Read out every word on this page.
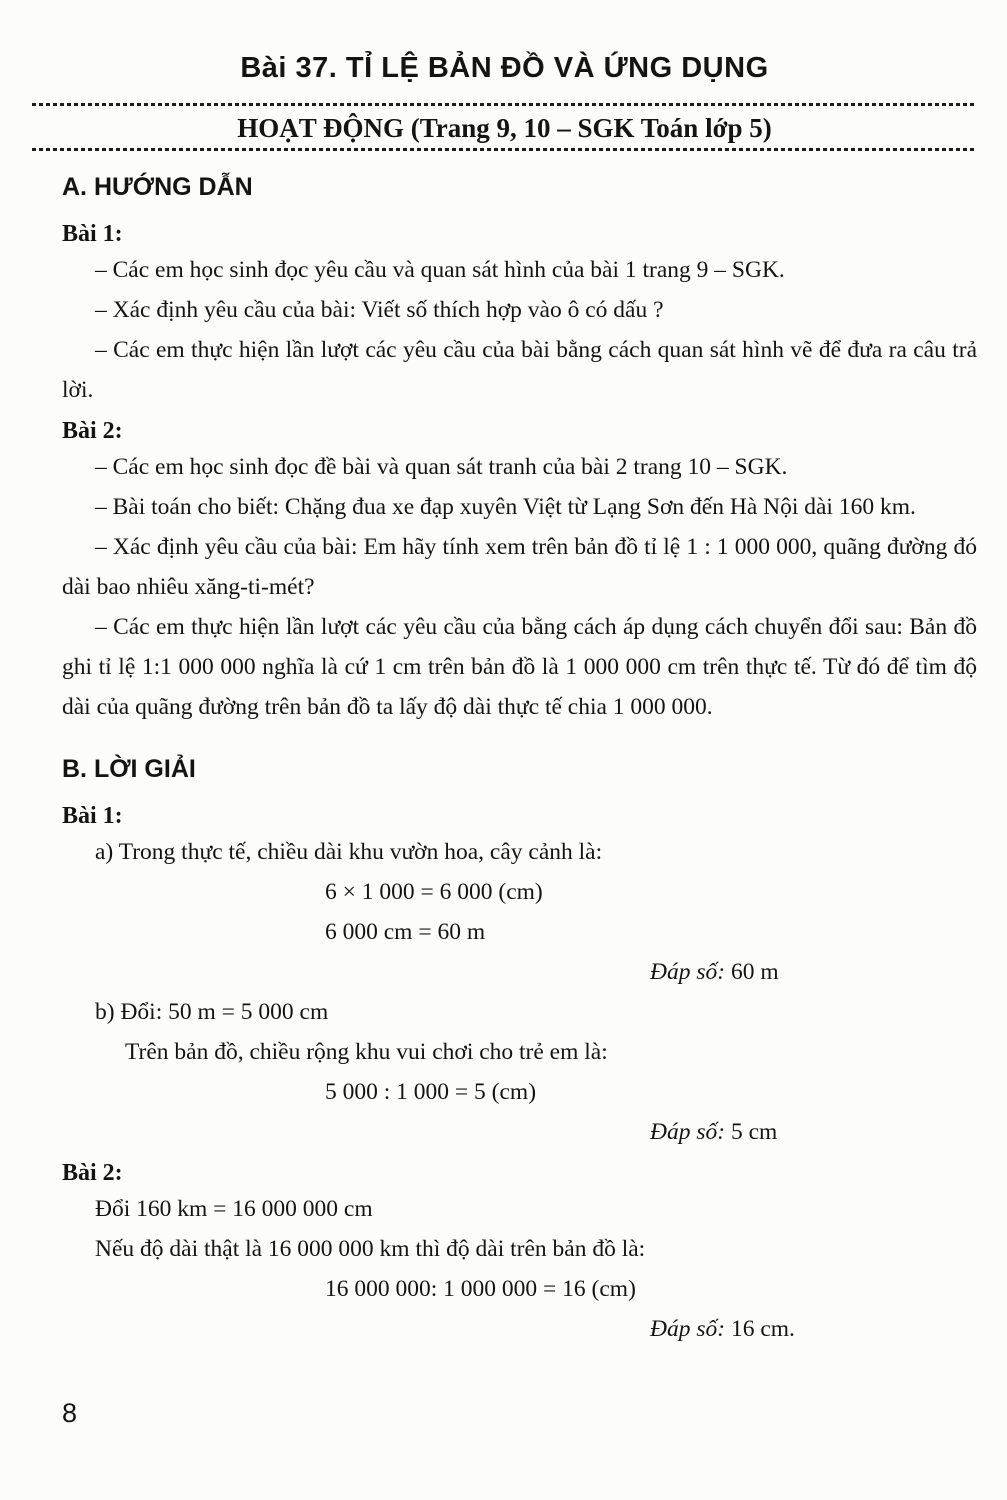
Bài 37. TỈ LỆ BẢN ĐỒ VÀ ỨNG DỤNG
HOẠT ĐỘNG (Trang 9, 10 – SGK Toán lớp 5)
A. HƯỚNG DẪN
Bài 1:

– Các em học sinh đọc yêu cầu và quan sát hình của bài 1 trang 9 – SGK.

– Xác định yêu cầu của bài: Viết số thích hợp vào ô có dấu ?

– Các em thực hiện lần lượt các yêu cầu của bài bằng cách quan sát hình vẽ để đưa ra câu trả lời.

Bài 2:

– Các em học sinh đọc đề bài và quan sát tranh của bài 2 trang 10 – SGK.

– Bài toán cho biết: Chặng đua xe đạp xuyên Việt từ Lạng Sơn đến Hà Nội dài 160 km.

– Xác định yêu cầu của bài: Em hãy tính xem trên bản đồ tỉ lệ 1 : 1 000 000, quãng đường đó dài bao nhiêu xăng-ti-mét?

– Các em thực hiện lần lượt các yêu cầu của bằng cách áp dụng cách chuyển đổi sau: Bản đồ ghi tỉ lệ 1:1 000 000 nghĩa là cứ 1 cm trên bản đồ là 1 000 000 cm trên thực tế. Từ đó để tìm độ dài của quãng đường trên bản đồ ta lấy độ dài thực tế chia 1 000 000.

B. LỜI GIẢI
Bài 1:

a) Trong thực tế, chiều dài khu vườn hoa, cây cảnh là:

6 × 1 000 = 6 000 (cm)

6 000 cm = 60 m

Đáp số: 60 m

b) Đổi: 50 m = 5 000 cm

Trên bản đồ, chiều rộng khu vui chơi cho trẻ em là:

5 000 : 1 000 = 5 (cm)

Đáp số: 5 cm

Bài 2:

Đổi 160 km = 16 000 000 cm

Nếu độ dài thật là 16 000 000 km thì độ dài trên bản đồ là:

16 000 000: 1 000 000 = 16 (cm)

Đáp số: 16 cm.

8
